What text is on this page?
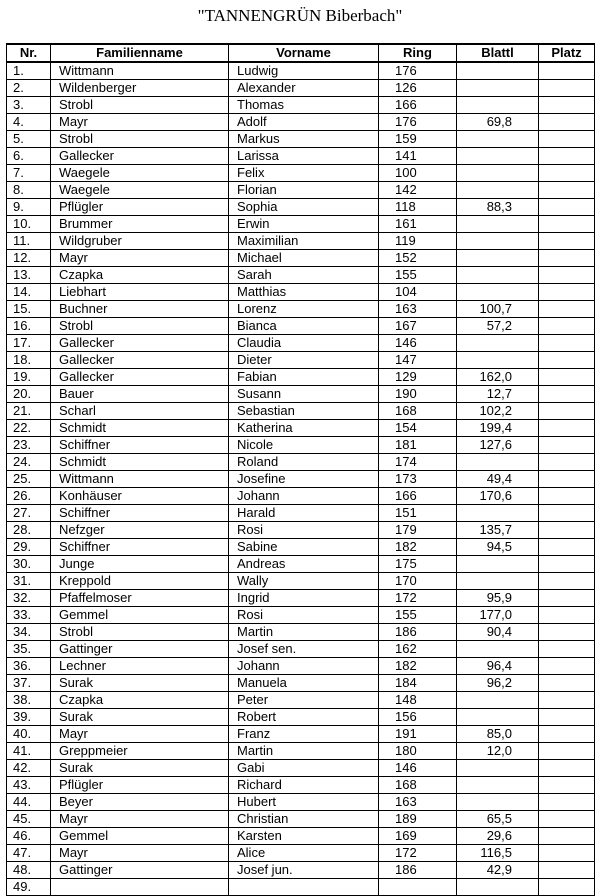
"TANNENGRÜN Biberbach"
Nr.	Familienname	Vorname	Ring	Blattl	Platz
1.	Wittmann	Ludwig	176		
2.	Wildenberger	Alexander	126		
3.	Strobl	Thomas	166		
4.	Mayr	Adolf	176	69,8	
5.	Strobl	Markus	159		
6.	Gallecker	Larissa	141		
7.	Waegele	Felix	100		
8.	Waegele	Florian	142		
9.	Pflügler	Sophia	118	88,3	
10.	Brummer	Erwin	161		
11.	Wildgruber	Maximilian	119		
12.	Mayr	Michael	152		
13.	Czapka	Sarah	155		
14.	Liebhart	Matthias	104		
15.	Buchner	Lorenz	163	100,7	
16.	Strobl	Bianca	167	57,2	
17.	Gallecker	Claudia	146		
18.	Gallecker	Dieter	147		
19.	Gallecker	Fabian	129	162,0	
20.	Bauer	Susann	190	12,7	
21.	Scharl	Sebastian	168	102,2	
22.	Schmidt	Katherina	154	199,4	
23.	Schiffner	Nicole	181	127,6	
24.	Schmidt	Roland	174		
25.	Wittmann	Josefine	173	49,4	
26.	Konhäuser	Johann	166	170,6	
27.	Schiffner	Harald	151		
28.	Nefzger	Rosi	179	135,7	
29.	Schiffner	Sabine	182	94,5	
30.	Junge	Andreas	175		
31.	Kreppold	Wally	170		
32.	Pfaffelmoser	Ingrid	172	95,9	
33.	Gemmel	Rosi	155	177,0	
34.	Strobl	Martin	186	90,4	
35.	Gattinger	Josef sen.	162		
36.	Lechner	Johann	182	96,4	
37.	Surak	Manuela	184	96,2	
38.	Czapka	Peter	148		
39.	Surak	Robert	156		
40.	Mayr	Franz	191	85,0	
41.	Greppmeier	Martin	180	12,0	
42.	Surak	Gabi	146		
43.	Pflügler	Richard	168		
44.	Beyer	Hubert	163		
45.	Mayr	Christian	189	65,5	
46.	Gemmel	Karsten	169	29,6	
47.	Mayr	Alice	172	116,5	
48.	Gattinger	Josef jun.	186	42,9	
49.					
